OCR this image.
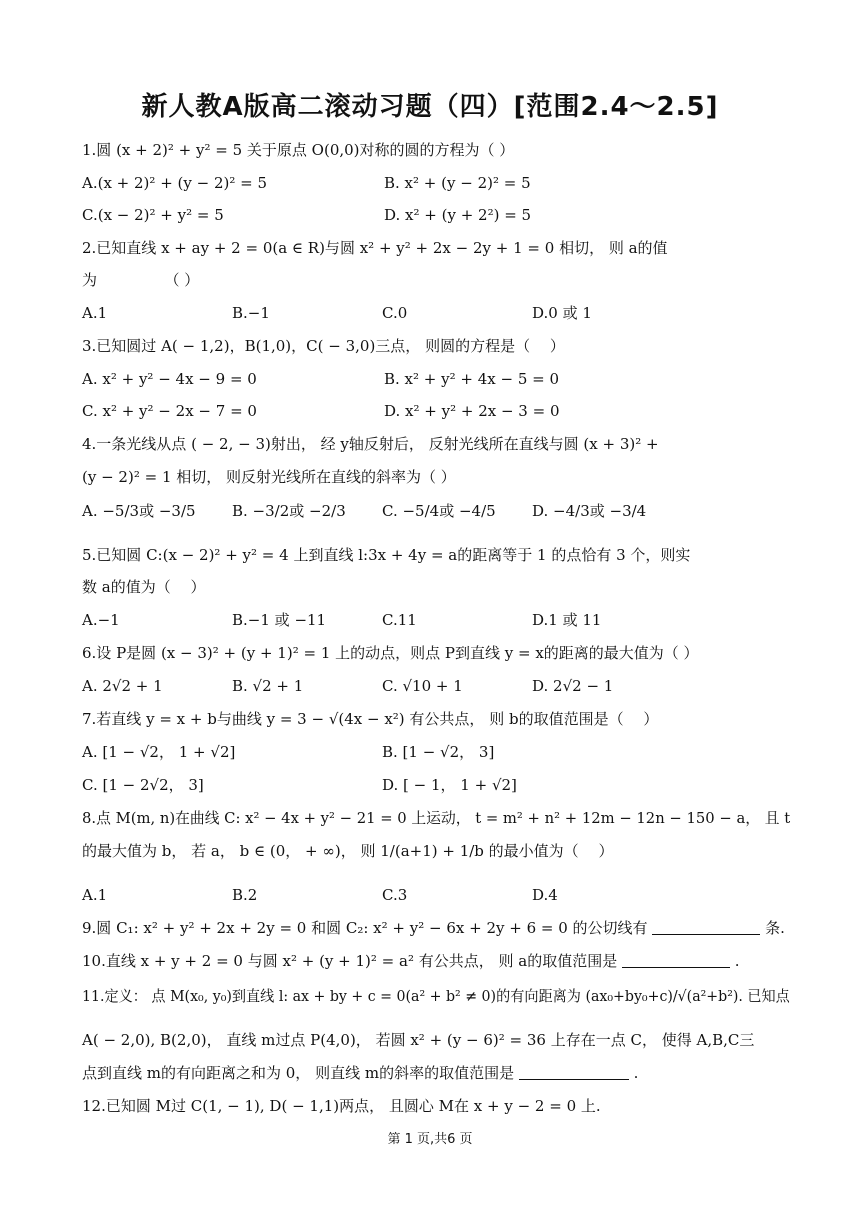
新人教A版高二滚动习题（四）[范围2.4～2.5]
1.圆 (x + 2)² + y² = 5 关于原点 O(0,0)对称的圆的方程为（ ）
A.(x + 2)² + (y − 2)² = 5	B. x² + (y − 2)² = 5
C.(x − 2)² + y² = 5	D. x² + (y + 2²) = 5
2.已知直线 x + ay + 2 = 0(a ∈ R)与圆 x² + y² + 2x − 2y + 1 = 0 相切， 则 a的值
为　　　　　（ ）
A.1	B.−1	C.0	D.0 或 1
3.已知圆过 A( − 1,2)，B(1,0)，C( − 3,0)三点， 则圆的方程是（　 ）
A. x² + y² − 4x − 9 = 0	B. x² + y² + 4x − 5 = 0
C. x² + y² − 2x − 7 = 0	D. x² + y² + 2x − 3 = 0
4.一条光线从点 ( − 2, − 3)射出， 经 y轴反射后， 反射光线所在直线与圆 (x + 3)² +
(y − 2)² = 1 相切， 则反射光线所在直线的斜率为（ ）
A. −5/3或 −3/5 B. −3/2或 −2/3 C. −5/4或 −4/5 D. −4/3或 −3/4
5.已知圆 C:(x − 2)² + y² = 4 上到直线 l:3x + 4y = a的距离等于 1 的点恰有 3 个，则实
数 a的值为（　 ）
A.−1	B.−1 或 −11	C.11	D.1 或 11
6.设 P是圆 (x − 3)² + (y + 1)² = 1 上的动点，则点 P到直线 y = x的距离的最大值为（ ）
A. 2√2 + 1	B. √2 + 1	C. √10 + 1	D. 2√2 − 1
7.若直线 y = x + b与曲线 y = 3 − √(4x − x²) 有公共点， 则 b的取值范围是（　 ）
A. [1 − √2， 1 + √2]	B. [1 − √2， 3]
C. [1 − 2√2， 3]	D. [ − 1， 1 + √2]
8.点 M(m, n)在曲线 C: x² − 4x + y² − 21 = 0 上运动， t = m² + n² + 12m − 12n − 150 − a， 且 t
的最大值为 b， 若 a， b ∈ (0， + ∞)， 则 1/(a+1) + 1/b 的最小值为（　 ）
A.1	B.2	C.3	D.4
9.圆 C₁: x² + y² + 2x + 2y = 0 和圆 C₂: x² + y² − 6x + 2y + 6 = 0 的公切线有	条.
10.直线 x + y + 2 = 0 与圆 x² + (y + 1)² = a² 有公共点， 则 a的取值范围是	.
11.定义： 点 M(x₀, y₀)到直线 l: ax + by + c = 0(a² + b² ≠ 0)的有向距离为 (ax₀+by₀+c)/√(a²+b²). 已知点
A( − 2,0), B(2,0)， 直线 m过点 P(4,0)， 若圆 x² + (y − 6)² = 36 上存在一点 C， 使得 A,B,C三
点到直线 m的有向距离之和为 0， 则直线 m的斜率的取值范围是	.
12.已知圆 M过 C(1, − 1), D( − 1,1)两点， 且圆心 M在 x + y − 2 = 0 上.
第 1 页,共6 页
